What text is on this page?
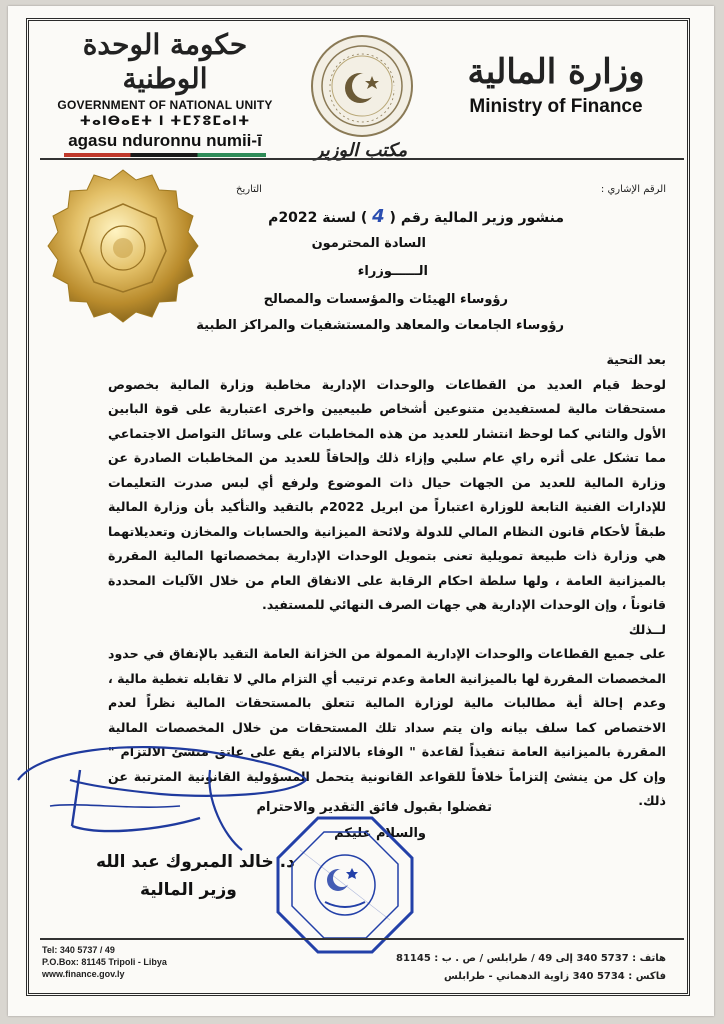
حكومة الوحدة الوطنية
GOVERNMENT OF NATIONAL UNITY
ⵜⴰⵏⴱⴰⴹⵜ ⵏ ⵜⵎⵢⵓⵎⴰⵏⵜ
agasu nduronnu numii-ī	مكتب الوزير
وزارة المالية
Ministry of Finance
الرقم الإشاري :
التاريخ
منشور وزير المالية رقم ( 4 ) لسنة 2022م
السادة المحترمون
الــــــوزراء
رؤوساء الهيئات والمؤسسات والمصالح
رؤوساء الجامعات والمعاهد والمستشفيات والمراكز الطبية

بعد التحية

لوحظ قيام العديد من القطاعات والوحدات الإدارية مخاطبة وزارة المالية بخصوص مستحقات مالية لمستفيدين متنوعين أشخاص طبيعيين واخرى اعتبارية على قوة البابين الأول والثاني كما لوحظ انتشار للعديد من هذه المخاطبات على وسائل التواصل الاجتماعي مما تشكل على أثره راي عام سلبي وإزاء ذلك وإلحاقاً للعديد من المخاطبات الصادرة عن وزارة المالية للعديد من الجهات حيال ذات الموضوع ولرفع أي لبس صدرت التعليمات للإدارات الفنية التابعة للوزارة اعتباراً من ابريل 2022م بالتقيد والتأكيد بأن وزارة المالية طبقاً لأحكام قانون النظام المالي للدولة ولائحة الميزانية والحسابات والمخازن وتعديلاتهما هي وزارة ذات طبيعة تمويلية تعنى بتمويل الوحدات الإدارية بمخصصاتها المالية المقررة بالميزانية العامة ، ولها سلطة احكام الرقابة على الانفاق العام من خلال الآليات المحددة قانوناً ، وإن الوحدات الإدارية هي جهات الصرف النهائي للمستفيد.

لــذلك

على جميع القطاعات والوحدات الإدارية الممولة من الخزانة العامة التقيد بالإنفاق في حدود المخصصات المقررة لها بالميزانية العامة وعدم ترتيب أي التزام مالي لا تقابله تغطية مالية ، وعدم إحالة أية مطالبات مالية لوزارة المالية تتعلق بالمستحقات المالية نظراً لعدم الاختصاص كما سلف بيانه وان يتم سداد تلك المستحقات من خلال المخصصات المالية المقررة بالميزانية العامة تنفيذاً لقاعدة " الوفاء بالالتزام يقع على عاتق منشئ الالتزام " وإن كل من ينشئ إلتزاماً خلافاً للقواعد القانونية يتحمل المسؤولية القانونية المترتبة عن ذلك.

تفضلوا بقبول فائق التقدير والاحترام
والسلام عليكم
د. خالد المبروك عبد الله
وزير المالية
Tel: 340 5737 / 49
P.O.Box: 81145 Tripoli - Libya
www.finance.gov.ly
هاتف : 5737 340 إلى 49 / طرابلس / ص . ب : 81145
فاكس : 5734 340 زاوية الدهماني - طرابلس
